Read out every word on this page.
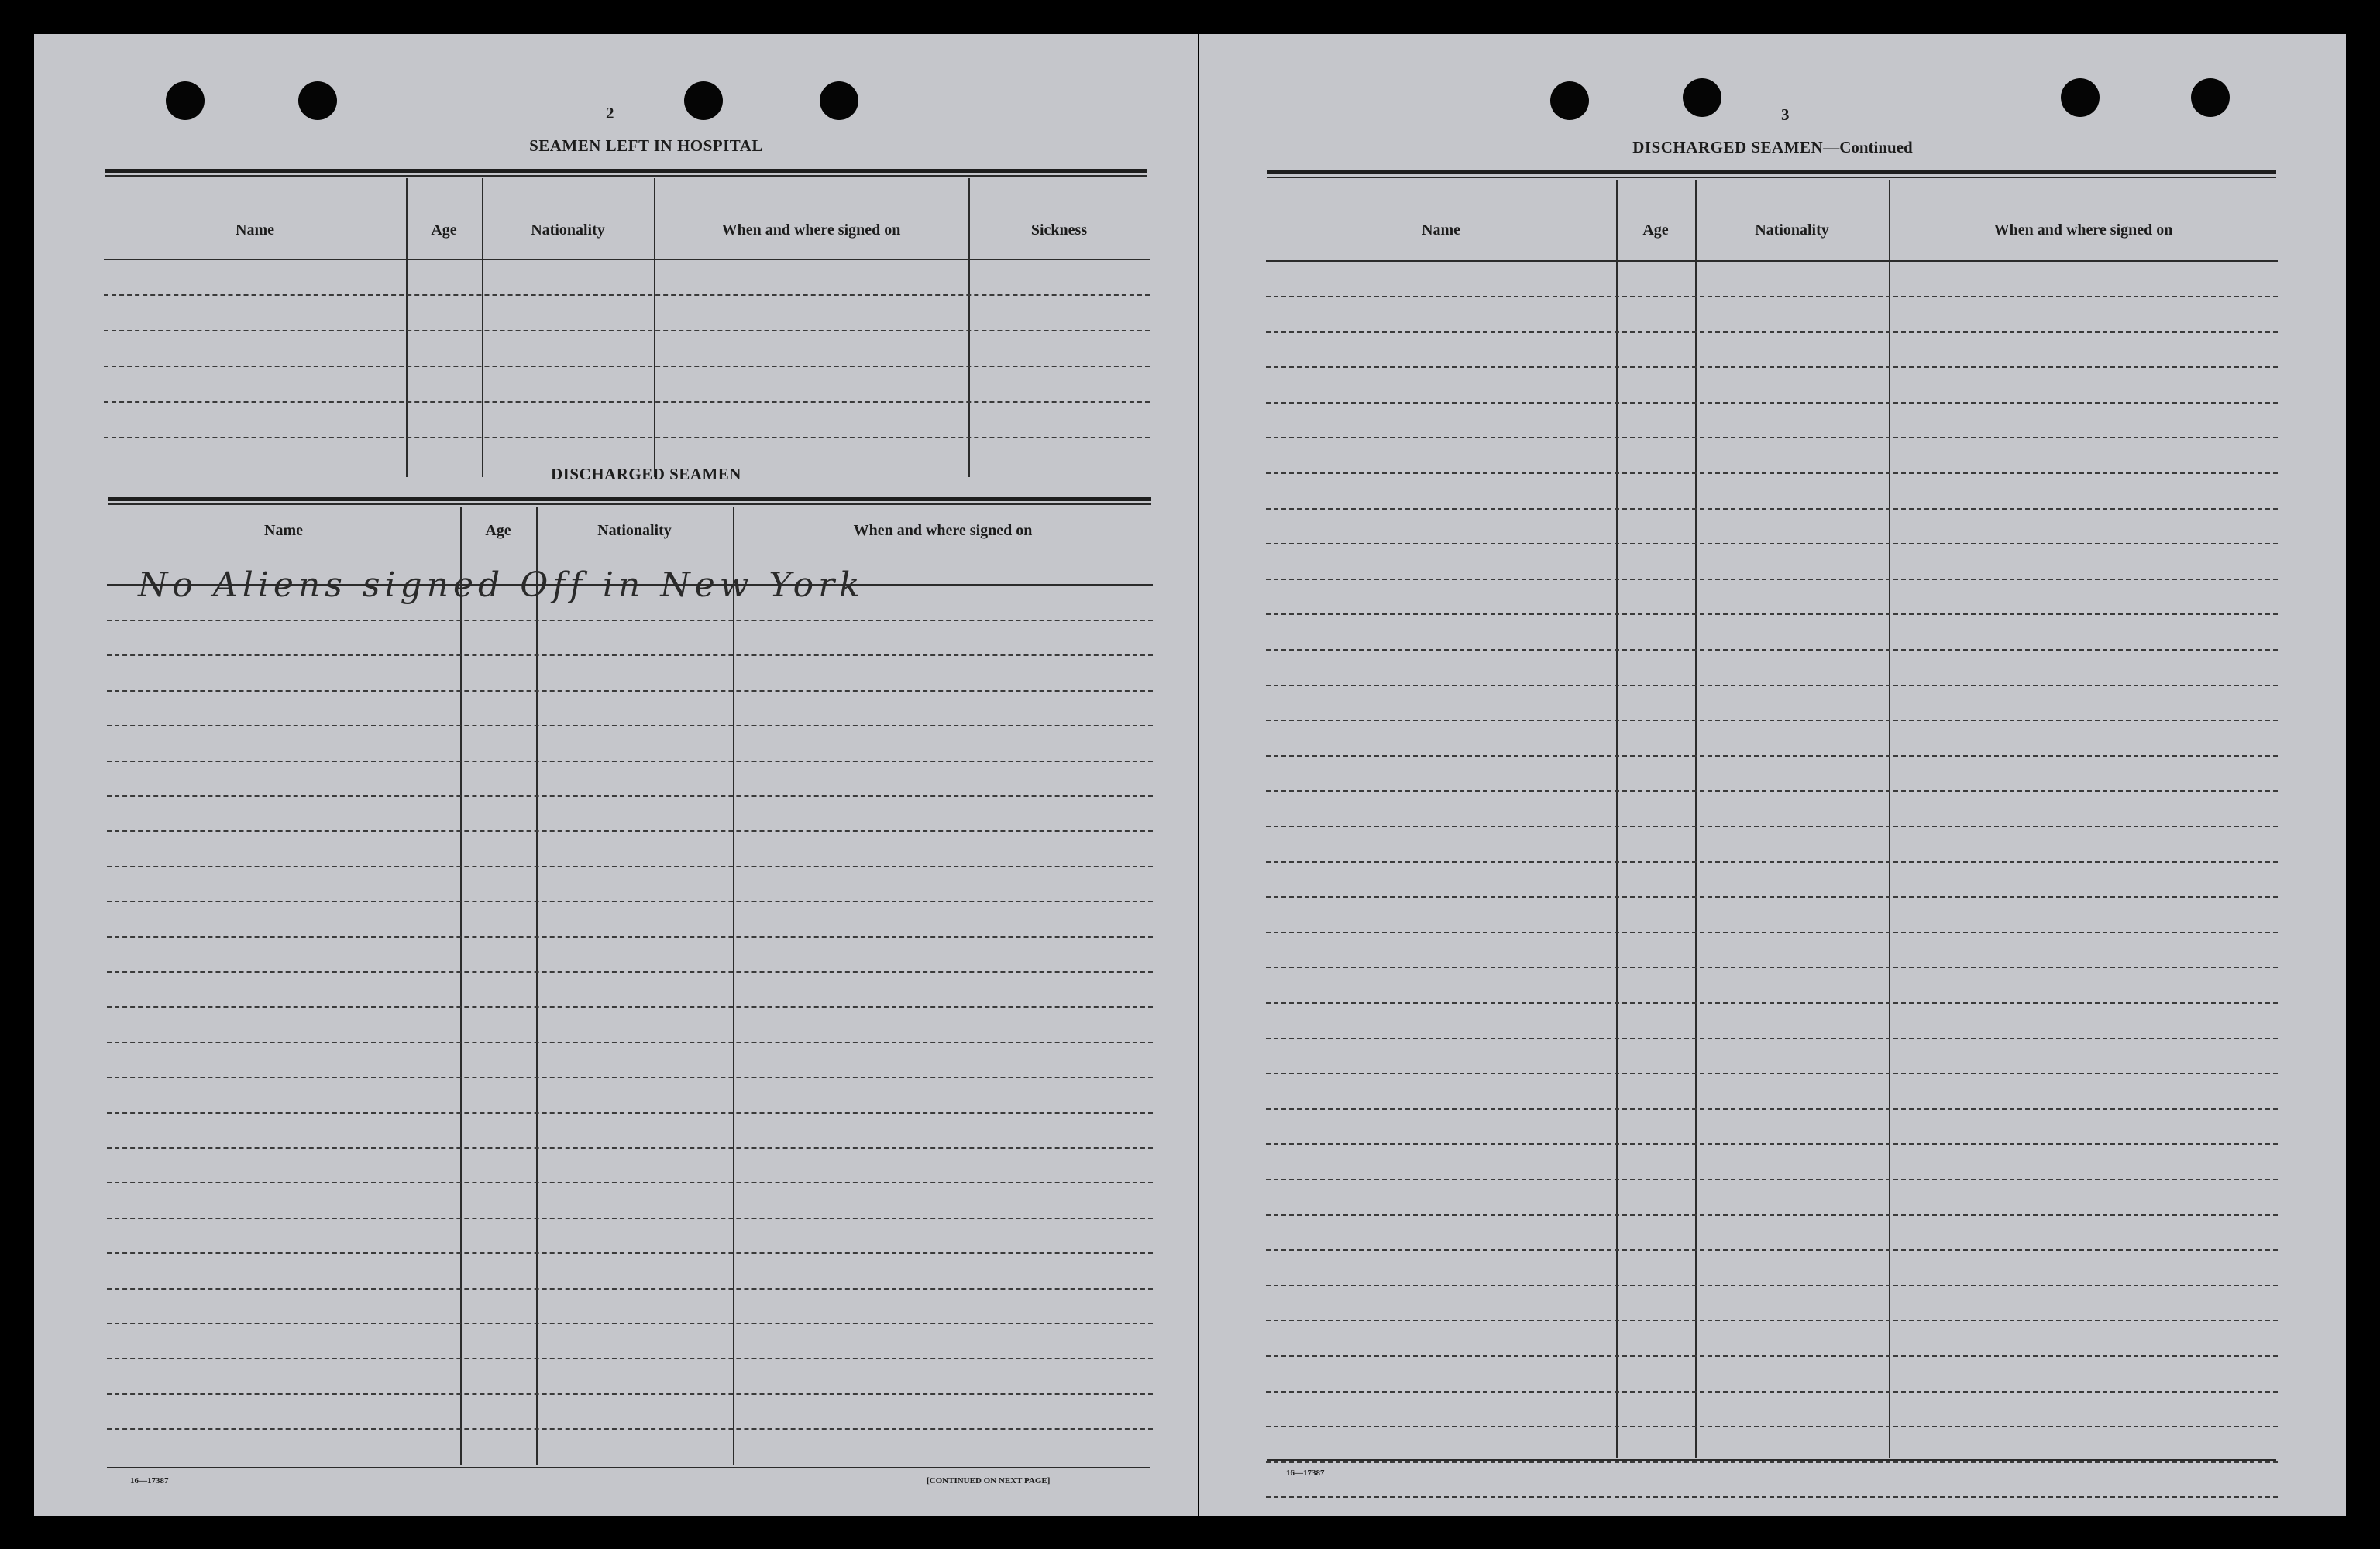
2
SEAMEN LEFT IN HOSPITAL
Name	Age	Nationality	When and where signed on	Sickness
DISCHARGED SEAMEN
Name	Age	Nationality	When and where signed on
No Aliens signed Off in New York
16—17387	[CONTINUED ON NEXT PAGE]
3
DISCHARGED SEAMEN—Continued
Name	Age	Nationality	When and where signed on
16—17387
